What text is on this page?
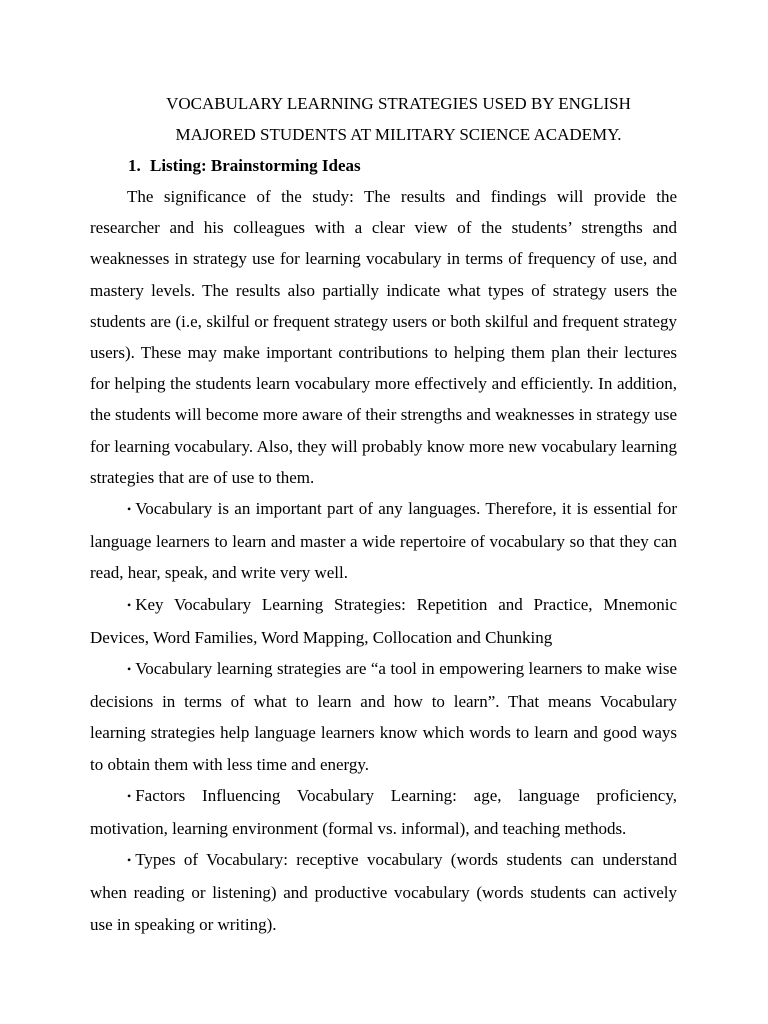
VOCABULARY LEARNING STRATEGIES USED BY ENGLISH

MAJORED STUDENTS AT MILITARY SCIENCE ACADEMY.

1. Listing: Brainstorming Ideas

The significance of the study: The results and findings will provide the researcher and his colleagues with a clear view of the students’ strengths and weaknesses in strategy use for learning vocabulary in terms of frequency of use, and mastery levels. The results also partially indicate what types of strategy users the students are (i.e, skilful or frequent strategy users or both skilful and frequent strategy users). These may make important contributions to helping them plan their lectures for helping the students learn vocabulary more effectively and efficiently. In addition, the students will become more aware of their strengths and weaknesses in strategy use for learning vocabulary. Also, they will probably know more new vocabulary learning strategies that are of use to them.

• Vocabulary is an important part of any languages. Therefore, it is essential for language learners to learn and master a wide repertoire of vocabulary so that they can read, hear, speak, and write very well.

• Key Vocabulary Learning Strategies: Repetition and Practice, Mnemonic Devices, Word Families, Word Mapping, Collocation and Chunking

• Vocabulary learning strategies are “a tool in empowering learners to make wise decisions in terms of what to learn and how to learn”. That means Vocabulary learning strategies help language learners know which words to learn and good ways to obtain them with less time and energy.

• Factors Influencing Vocabulary Learning: age, language proficiency, motivation, learning environment (formal vs. informal), and teaching methods.

• Types of Vocabulary: receptive vocabulary (words students can understand when reading or listening) and productive vocabulary (words students can actively use in speaking or writing).
